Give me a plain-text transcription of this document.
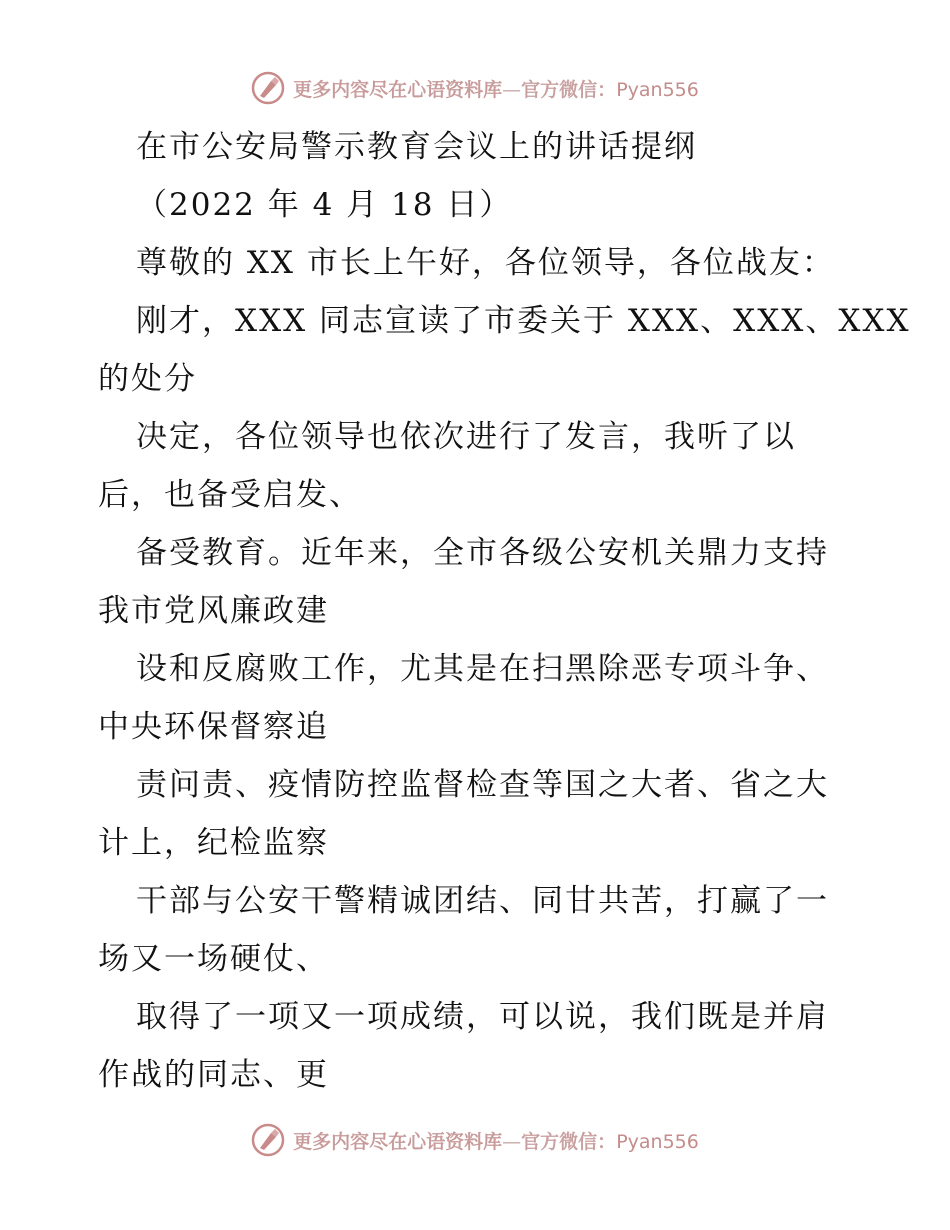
更多内容尽在心语资料库—官方微信：Pyan556
在市公安局警示教育会议上的讲话提纲
（2022 年 4 月 18 日）
尊敬的 XX 市长上午好，各位领导，各位战友：
刚才，XXX 同志宣读了市委关于 XXX、XXX、XXX
的处分
决定，各位领导也依次进行了发言，我听了以
后，也备受启发、
备受教育。近年来，全市各级公安机关鼎力支持
我市党风廉政建
设和反腐败工作，尤其是在扫黑除恶专项斗争、
中央环保督察追
责问责、疫情防控监督检查等国之大者、省之大
计上，纪检监察
干部与公安干警精诚团结、同甘共苦，打赢了一
场又一场硬仗、
取得了一项又一项成绩，可以说，我们既是并肩
作战的同志、更
更多内容尽在心语资料库—官方微信：Pyan556
